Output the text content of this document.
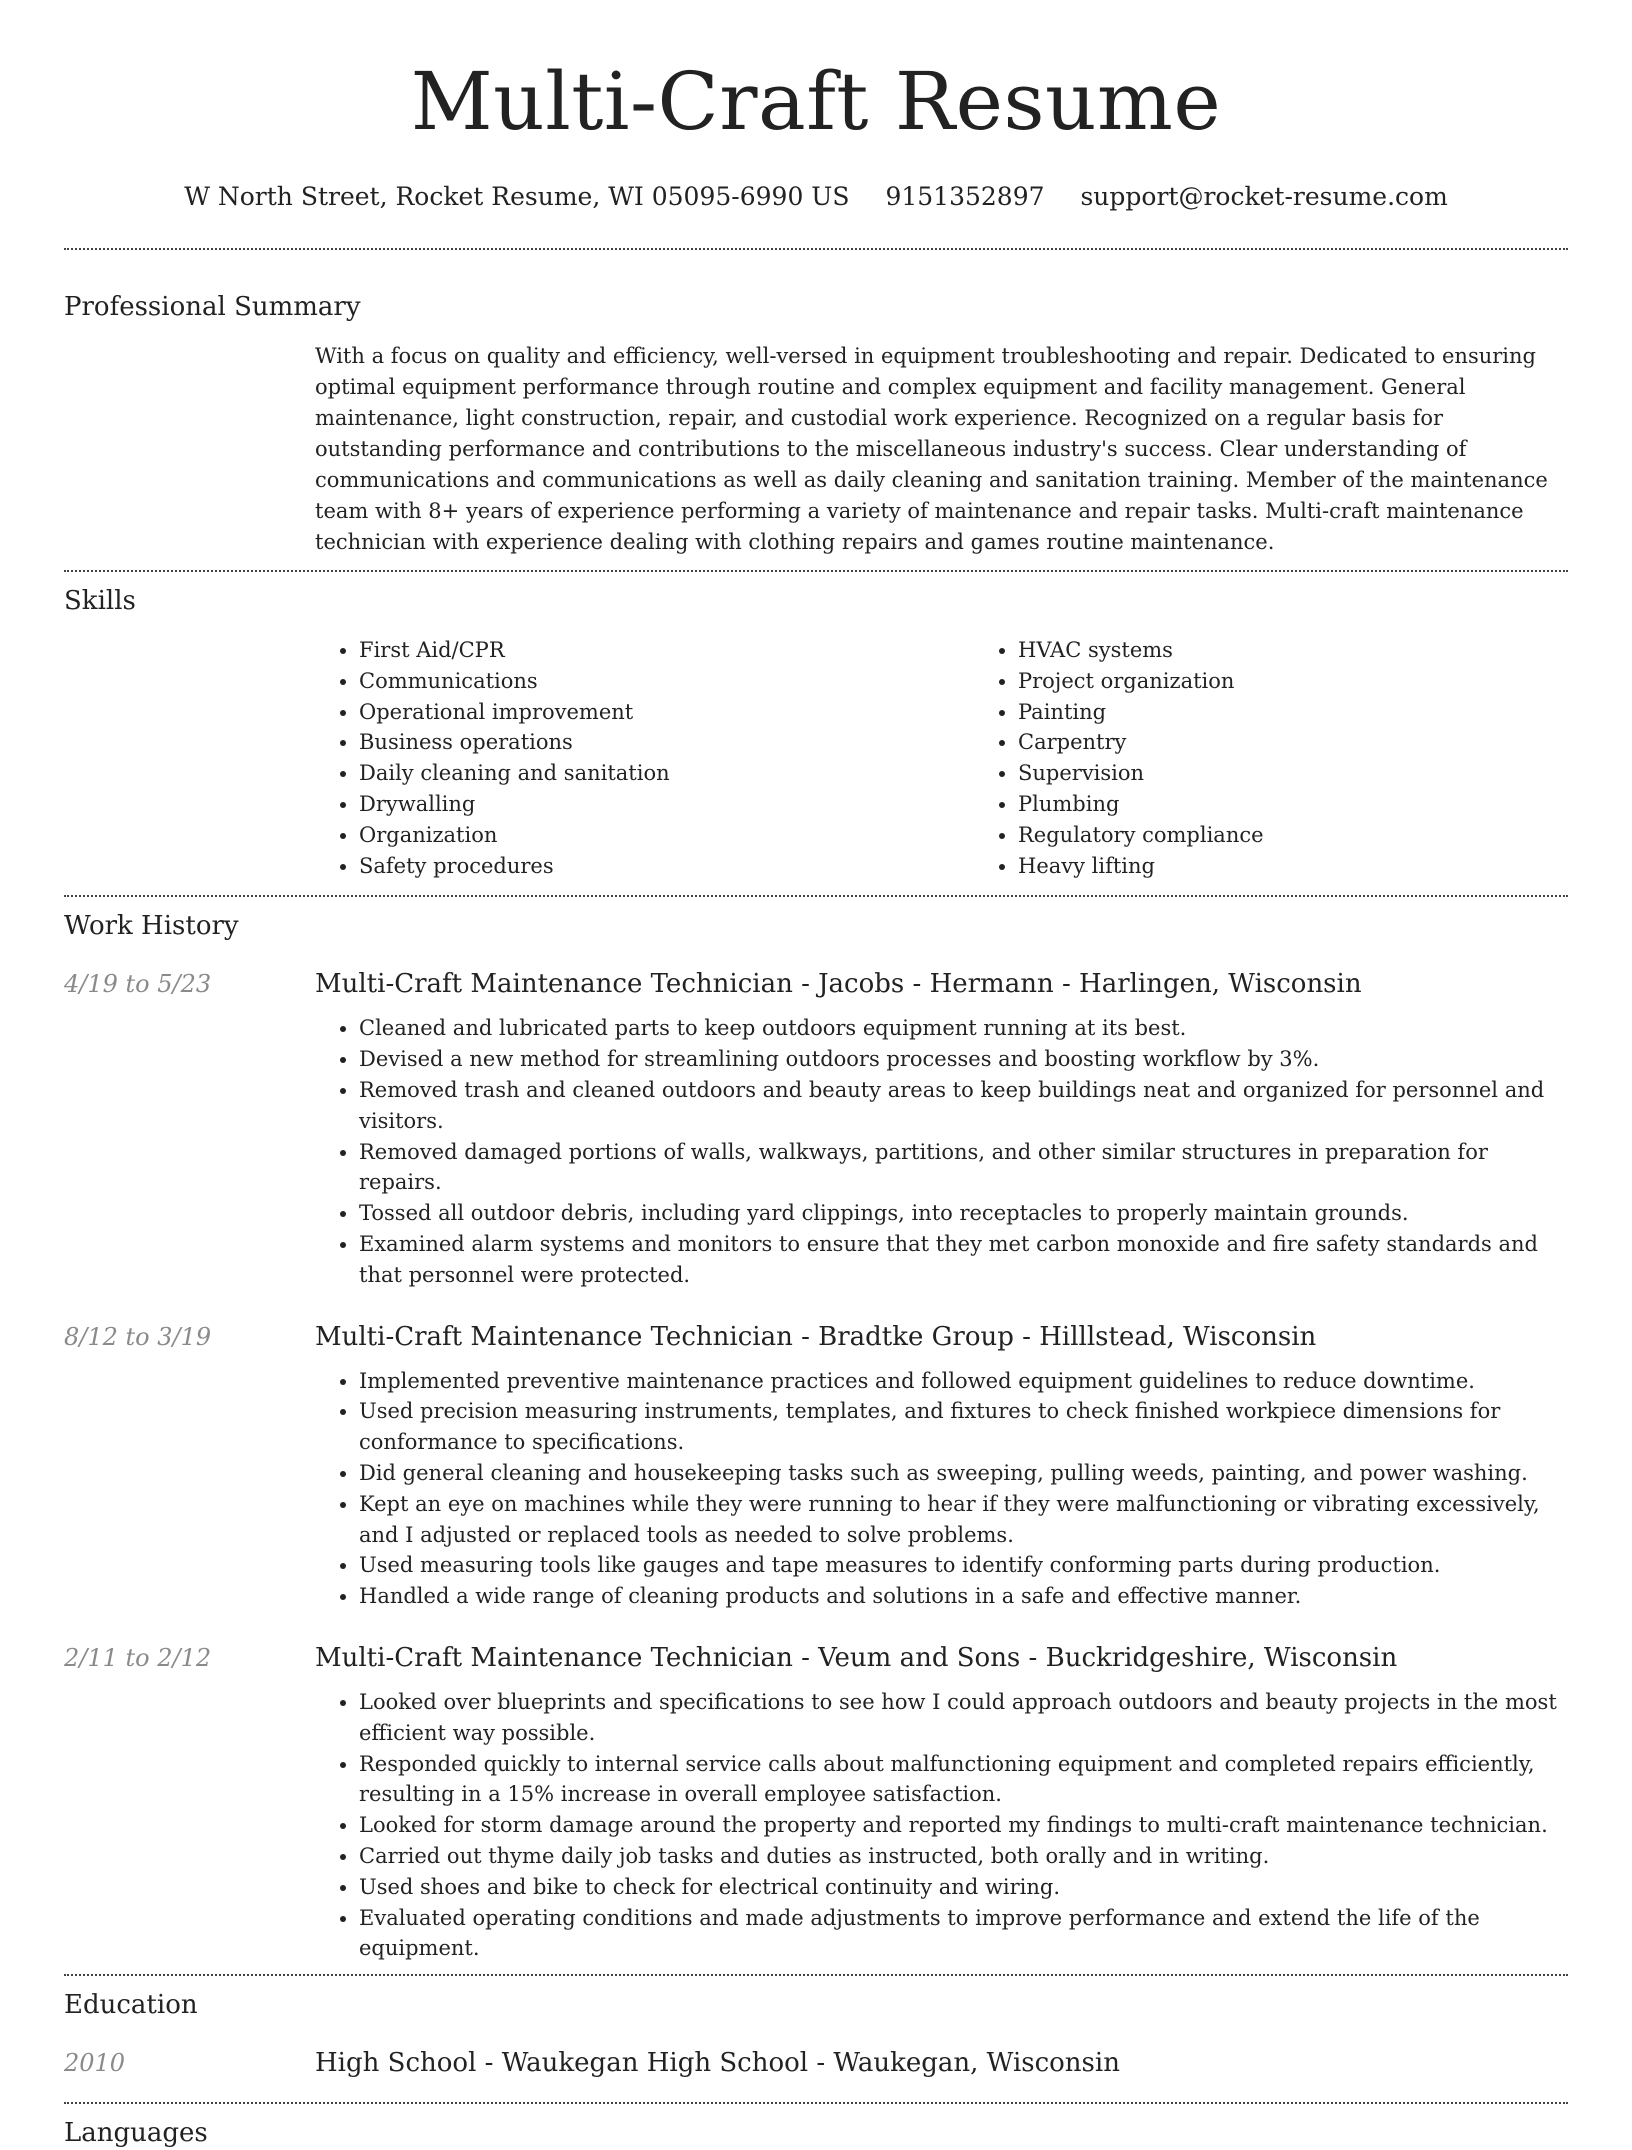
Multi-Craft Resume
W North Street, Rocket Resume, WI 05095-6990 US 9151352897 support@rocket-resume.com
Professional Summary

With a focus on quality and efficiency, well-versed in equipment troubleshooting and repair. Dedicated to ensuring optimal equipment performance through routine and complex equipment and facility management. General maintenance, light construction, repair, and custodial work experience. Recognized on a regular basis for outstanding performance and contributions to the miscellaneous industry's success. Clear understanding of communications and communications as well as daily cleaning and sanitation training. Member of the maintenance team with 8+ years of experience performing a variety of maintenance and repair tasks. Multi-craft maintenance technician with experience dealing with clothing repairs and games routine maintenance.

Skills
• First Aid/CPR
• Communications
• Operational improvement
• Business operations
• Daily cleaning and sanitation
• Drywalling
• Organization
• Safety procedures
• HVAC systems
• Project organization
• Painting
• Carpentry
• Supervision
• Plumbing
• Regulatory compliance
• Heavy lifting
Work History
4/19 to 5/23	Multi-Craft Maintenance Technician - Jacobs - Hermann - Harlingen, Wisconsin
• Cleaned and lubricated parts to keep outdoors equipment running at its best.
• Devised a new method for streamlining outdoors processes and boosting workflow by 3%.
• Removed trash and cleaned outdoors and beauty areas to keep buildings neat and organized for personnel and visitors.
• Removed damaged portions of walls, walkways, partitions, and other similar structures in preparation for repairs.
• Tossed all outdoor debris, including yard clippings, into receptacles to properly maintain grounds.
• Examined alarm systems and monitors to ensure that they met carbon monoxide and fire safety standards and that personnel were protected.
8/12 to 3/19	Multi-Craft Maintenance Technician - Bradtke Group - Hilllstead, Wisconsin
• Implemented preventive maintenance practices and followed equipment guidelines to reduce downtime.
• Used precision measuring instruments, templates, and fixtures to check finished workpiece dimensions for conformance to specifications.
• Did general cleaning and housekeeping tasks such as sweeping, pulling weeds, painting, and power washing.
• Kept an eye on machines while they were running to hear if they were malfunctioning or vibrating excessively, and I adjusted or replaced tools as needed to solve problems.
• Used measuring tools like gauges and tape measures to identify conforming parts during production.
• Handled a wide range of cleaning products and solutions in a safe and effective manner.
2/11 to 2/12	Multi-Craft Maintenance Technician - Veum and Sons - Buckridgeshire, Wisconsin
• Looked over blueprints and specifications to see how I could approach outdoors and beauty projects in the most efficient way possible.
• Responded quickly to internal service calls about malfunctioning equipment and completed repairs efficiently, resulting in a 15% increase in overall employee satisfaction.
• Looked for storm damage around the property and reported my findings to multi-craft maintenance technician.
• Carried out thyme daily job tasks and duties as instructed, both orally and in writing.
• Used shoes and bike to check for electrical continuity and wiring.
• Evaluated operating conditions and made adjustments to improve performance and extend the life of the equipment.
Education
2010	High School - Waukegan High School - Waukegan, Wisconsin
Languages
